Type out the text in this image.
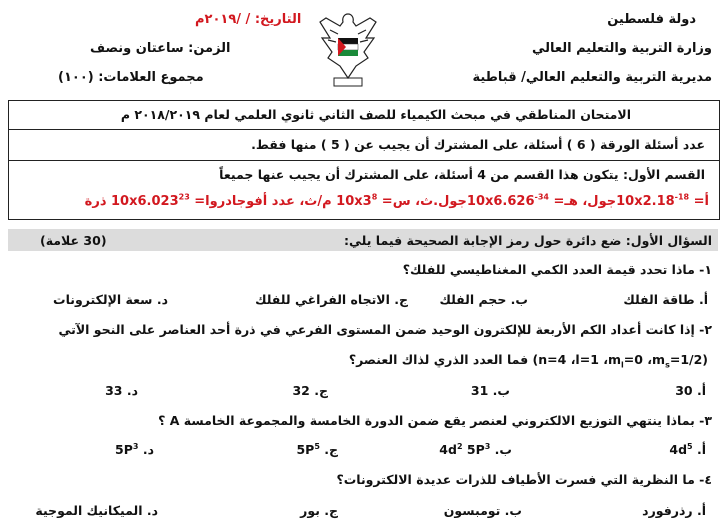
دولة فلسطين
وزارة التربية والتعليم العالي
مديرية التربية والتعليم العالي/ قباطية
التاريخ: / /٢٠١٩م
الزمن: ساعتان ونصف
مجموع العلامات: (١٠٠)
الامتحان المناطقي في مبحث الكيمياء للصف الثاني ثانوي العلمي لعام ٢٠١٨/٢٠١٩ م
عدد أسئلة الورقة ( 6 ) أسئلة، على المشترك أن يجيب عن ( 5 ) منها فقط.
القسم الأول: يتكون هذا القسم من 4 أسئلة، على المشترك أن يجيب عنها جميعاً
أ= $10x2.18^{-18}جول،$ هـ= $10x6.626^{-34}جول.ث،$ س= $10x3^8$ م/ث، عدد أفوجادروا= $10x6.023^{23}$ ذرة
السؤال الأول: ضع دائرة حول رمز الإجابة الصحيحة فيما يلي:
(30 علامة)
١- ماذا تحدد قيمة العدد الكمي المغناطيسي للفلك؟
أ. طاقة الفلك
ب. حجم الفلك
ج. الاتجاه الفراغي للفلك
د. سعة الإلكترونات
٢- إذا كانت أعداد الكم الأربعة للإلكترون الوحيد ضمن المستوى الفرعي في ذرة أحد العناصر على النحو الآتي
(n=4 ،l=1 $،m_l=0$ $،m_s=1/2$) فما العدد الذري لذاك العنصر؟
أ. 30
ب. 31
ج. 32
د. 33
٣- بماذا ينتهي التوزيع الالكتروني لعنصر يقع ضمن الدورة الخامسة والمجموعة الخامسة A ؟
أ. $4d^5$
ب. $4d^2$ $5P^3$
ج. $5P^5$
د. $5P^3$
٤- ما النظرية التي فسرت الأطياف للذرات عديدة الالكترونات؟
أ. رذرفورد
ب. تومبسون
ج. بور
د. الميكانيك الموجية
